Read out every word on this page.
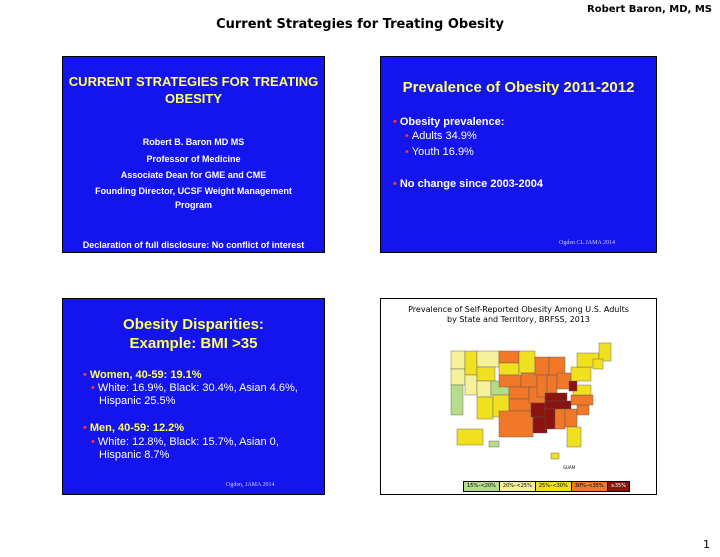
Robert Baron, MD, MS
Current Strategies for Treating Obesity
CURRENT STRATEGIES FOR TREATING OBESITY
Robert B. Baron MD MS
Professor of Medicine
Associate Dean for GME and CME
Founding Director, UCSF Weight Management
Program
Declaration of full disclosure: No conflict of interest
Prevalence of Obesity 2011-2012
• Obesity prevalence:
• Adults 34.9%
• Youth 16.9%
• No change since 2003-2004
Ogden CL JAMA 2014
Obesity Disparities:
Example: BMI >35
• Women, 40-59: 19.1%
• White: 16.9%, Black: 30.4%, Asian 4.6%,
Hispanic 25.5%
• Men, 40-59: 12.2%
• White: 12.8%, Black: 15.7%, Asian 0,
Hispanic 8.7%
Ogden, JAMA 2014
Prevalence of Self-Reported Obesity Among U.S. Adults
by State and Territory, BRFSS, 2013
GUAM
15%–<20%	20%–<25%	25%–<30%	30%–<35%	≥35%
1
